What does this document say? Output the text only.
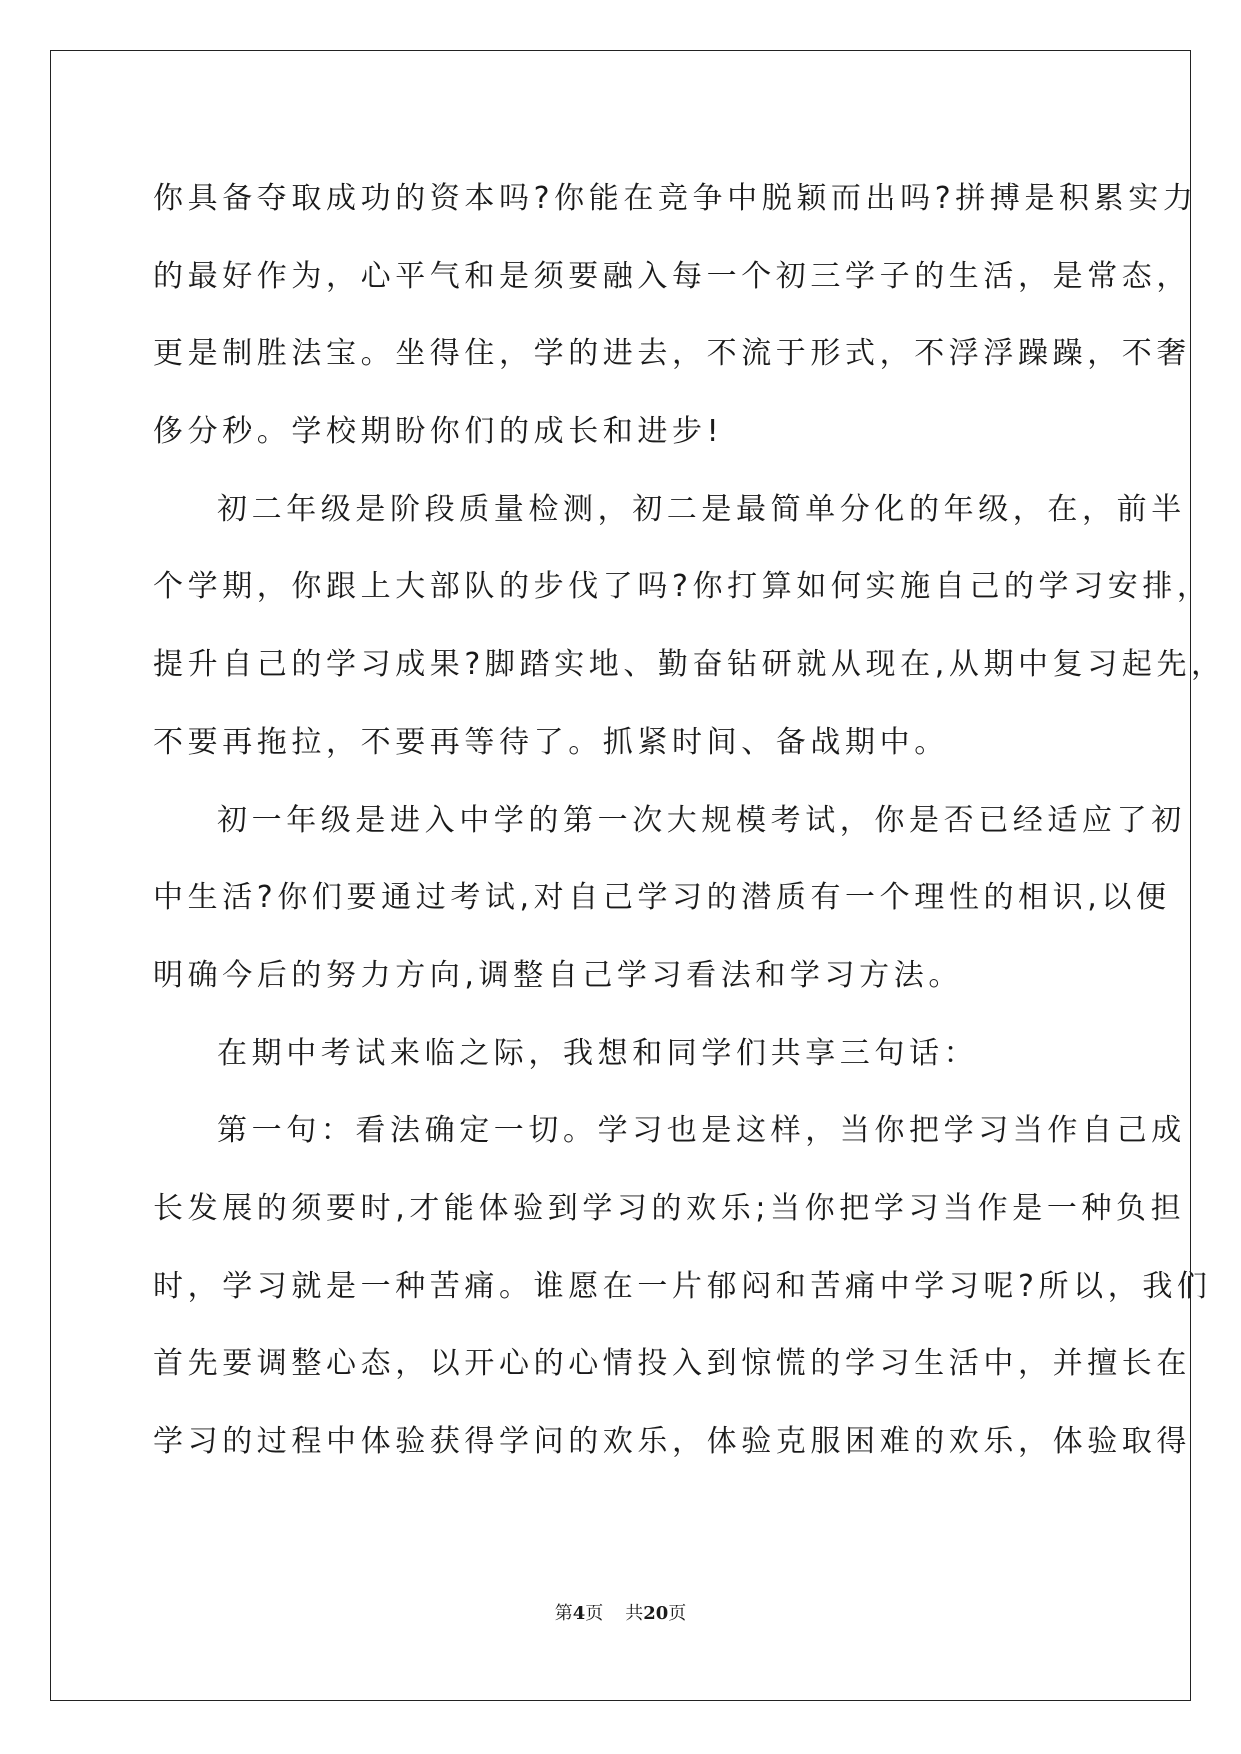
你具备夺取成功的资本吗?你能在竞争中脱颖而出吗?拼搏是积累实力
的最好作为，心平气和是须要融入每一个初三学子的生活，是常态，
更是制胜法宝。坐得住，学的进去，不流于形式，不浮浮躁躁，不奢
侈分秒。学校期盼你们的成长和进步!
初二年级是阶段质量检测，初二是最简单分化的年级，在，前半
个学期，你跟上大部队的步伐了吗?你打算如何实施自己的学习安排，
提升自己的学习成果?脚踏实地、勤奋钻研就从现在,从期中复习起先，
不要再拖拉，不要再等待了。抓紧时间、备战期中。
初一年级是进入中学的第一次大规模考试，你是否已经适应了初
中生活?你们要通过考试,对自己学习的潜质有一个理性的相识,以便
明确今后的努力方向,调整自己学习看法和学习方法。
在期中考试来临之际，我想和同学们共享三句话：
第一句：看法确定一切。学习也是这样，当你把学习当作自己成
长发展的须要时,才能体验到学习的欢乐;当你把学习当作是一种负担
时，学习就是一种苦痛。谁愿在一片郁闷和苦痛中学习呢?所以，我们
首先要调整心态，以开心的心情投入到惊慌的学习生活中，并擅长在
学习的过程中体验获得学问的欢乐，体验克服困难的欢乐，体验取得
第4页 共20页
